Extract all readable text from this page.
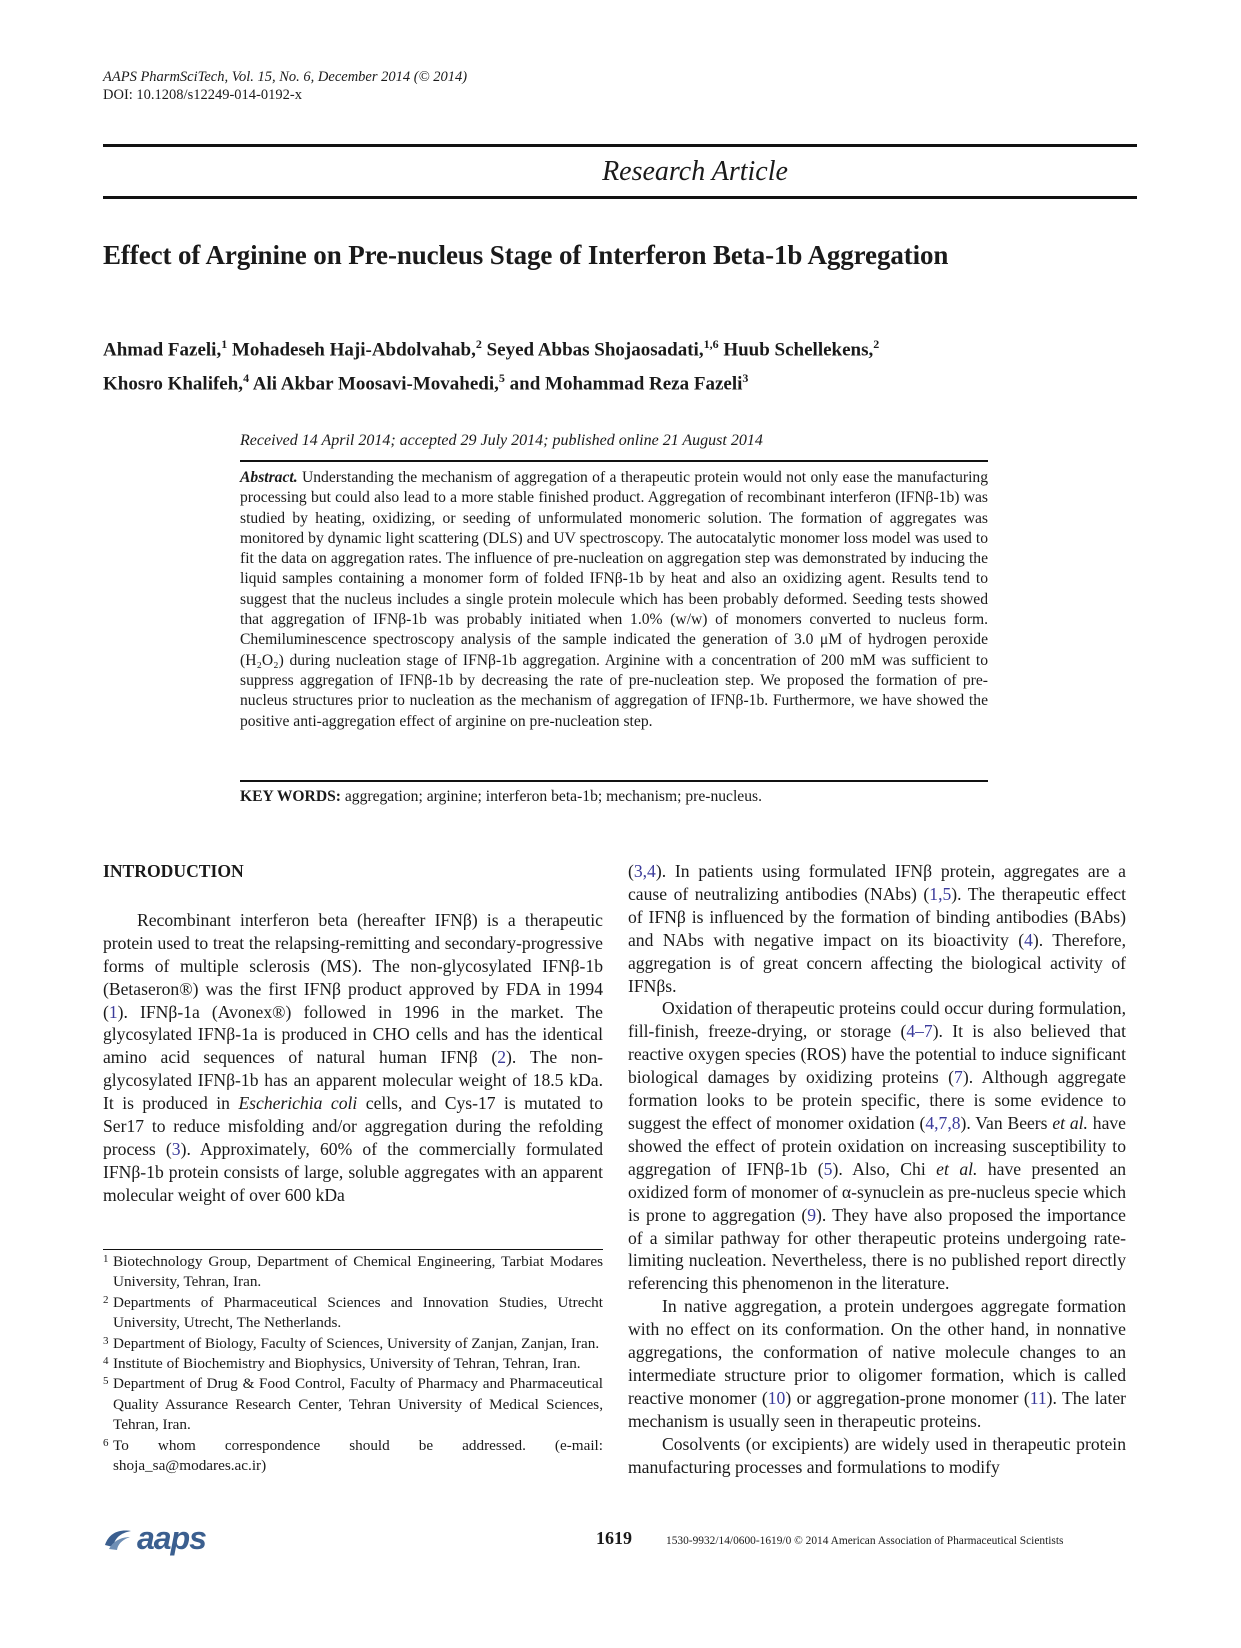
AAPS PharmSciTech, Vol. 15, No. 6, December 2014 (© 2014)
DOI: 10.1208/s12249-014-0192-x
Research Article
Effect of Arginine on Pre-nucleus Stage of Interferon Beta-1b Aggregation
Ahmad Fazeli,$^1$ Mohadeseh Haji-Abdolvahab,$^2$ Seyed Abbas Shojaosadati,$^{1,6}$ Huub Schellekens,$^2$
Khosro Khalifeh,$^4$ Ali Akbar Moosavi-Movahedi,$^5$ and Mohammad Reza Fazeli$^3$
Received 14 April 2014; accepted 29 July 2014; published online 21 August 2014
Abstract. Understanding the mechanism of aggregation of a therapeutic protein would not only ease the manufacturing processing but could also lead to a more stable finished product. Aggregation of recombinant interferon (IFNβ-1b) was studied by heating, oxidizing, or seeding of unformulated monomeric solution. The formation of aggregates was monitored by dynamic light scattering (DLS) and UV spectroscopy. The autocatalytic monomer loss model was used to fit the data on aggregation rates. The influence of pre-nucleation on aggregation step was demonstrated by inducing the liquid samples containing a monomer form of folded IFNβ-1b by heat and also an oxidizing agent. Results tend to suggest that the nucleus includes a single protein molecule which has been probably deformed. Seeding tests showed that aggregation of IFNβ-1b was probably initiated when 1.0% (w/w) of monomers converted to nucleus form. Chemiluminescence spectroscopy analysis of the sample indicated the generation of 3.0 μM of hydrogen peroxide (H₂O₂) during nucleation stage of IFNβ-1b aggregation. Arginine with a concentration of 200 mM was sufficient to suppress aggregation of IFNβ-1b by decreasing the rate of pre-nucleation step. We proposed the formation of pre-nucleus structures prior to nucleation as the mechanism of aggregation of IFNβ-1b. Furthermore, we have showed the positive anti-aggregation effect of arginine on pre-nucleation step.
KEY WORDS: aggregation; arginine; interferon beta-1b; mechanism; pre-nucleus.
INTRODUCTION

Recombinant interferon beta (hereafter IFNβ) is a therapeutic protein used to treat the relapsing-remitting and secondary-progressive forms of multiple sclerosis (MS). The non-glycosylated IFNβ-1b (Betaseron®) was the first IFNβ product approved by FDA in 1994 (1). IFNβ-1a (Avonex®) followed in 1996 in the market. The glycosylated IFNβ-1a is produced in CHO cells and has the identical amino acid sequences of natural human IFNβ (2). The non-glycosylated IFNβ-1b has an apparent molecular weight of 18.5 kDa. It is produced in Escherichia coli cells, and Cys-17 is mutated to Ser17 to reduce misfolding and/or aggregation during the refolding process (3). Approximately, 60% of the commercially formulated IFNβ-1b protein consists of large, soluble aggregates with an apparent molecular weight of over 600 kDa

1 Biotechnology Group, Department of Chemical Engineering, Tarbiat Modares University, Tehran, Iran.
2 Departments of Pharmaceutical Sciences and Innovation Studies, Utrecht University, Utrecht, The Netherlands.
3 Department of Biology, Faculty of Sciences, University of Zanjan, Zanjan, Iran.
4 Institute of Biochemistry and Biophysics, University of Tehran, Tehran, Iran.
5 Department of Drug & Food Control, Faculty of Pharmacy and Pharmaceutical Quality Assurance Research Center, Tehran University of Medical Sciences, Tehran, Iran.
6 To whom correspondence should be addressed. (e-mail: shoja_sa@modares.ac.ir)

(3,4). In patients using formulated IFNβ protein, aggregates are a cause of neutralizing antibodies (NAbs) (1,5). The therapeutic effect of IFNβ is influenced by the formation of binding antibodies (BAbs) and NAbs with negative impact on its bioactivity (4). Therefore, aggregation is of great concern affecting the biological activity of IFNβs.

Oxidation of therapeutic proteins could occur during formulation, fill-finish, freeze-drying, or storage (4–7). It is also believed that reactive oxygen species (ROS) have the potential to induce significant biological damages by oxidizing proteins (7). Although aggregate formation looks to be protein specific, there is some evidence to suggest the effect of monomer oxidation (4,7,8). Van Beers et al. have showed the effect of protein oxidation on increasing susceptibility to aggregation of IFNβ-1b (5). Also, Chi et al. have presented an oxidized form of monomer of α-synuclein as pre-nucleus specie which is prone to aggregation (9). They have also proposed the importance of a similar pathway for other therapeutic proteins undergoing rate-limiting nucleation. Nevertheless, there is no published report directly referencing this phenomenon in the literature.

In native aggregation, a protein undergoes aggregate formation with no effect on its conformation. On the other hand, in nonnative aggregations, the conformation of native molecule changes to an intermediate structure prior to oligomer formation, which is called reactive monomer (10) or aggregation-prone monomer (11). The later mechanism is usually seen in therapeutic proteins.

Cosolvents (or excipients) are widely used in therapeutic protein manufacturing processes and formulations to modify

aaps	1619	1530-9932/14/0600-1619/0 © 2014 American Association of Pharmaceutical Scientists
